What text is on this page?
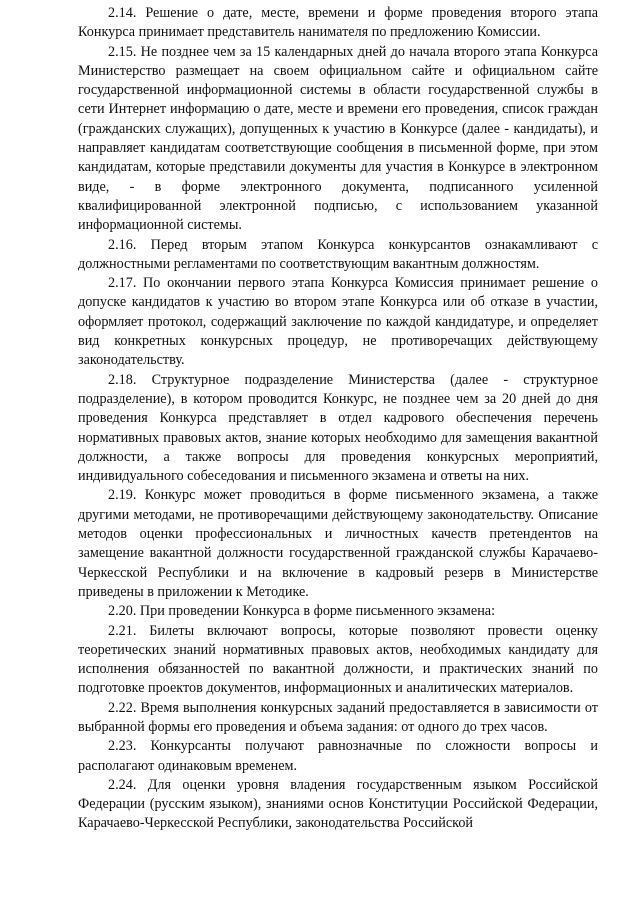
2.14. Решение о дате, месте, времени и форме проведения второго этапа Конкурса принимает представитель нанимателя по предложению Комиссии.

2.15. Не позднее чем за 15 календарных дней до начала второго этапа Конкурса Министерство размещает на своем официальном сайте и официальном сайте государственной информационной системы в области государственной службы в сети Интернет информацию о дате, месте и времени его проведения, список граждан (гражданских служащих), допущенных к участию в Конкурсе (далее - кандидаты), и направляет кандидатам соответствующие сообщения в письменной форме, при этом кандидатам, которые представили документы для участия в Конкурсе в электронном виде, - в форме электронного документа, подписанного усиленной квалифицированной электронной подписью, с использованием указанной информационной системы.

2.16. Перед вторым этапом Конкурса конкурсантов ознакамливают с должностными регламентами по соответствующим вакантным должностям.

2.17. По окончании первого этапа Конкурса Комиссия принимает решение о допуске кандидатов к участию во втором этапе Конкурса или об отказе в участии, оформляет протокол, содержащий заключение по каждой кандидатуре, и определяет вид конкретных конкурсных процедур, не противоречащих действующему законодательству.

2.18. Структурное подразделение Министерства (далее - структурное подразделение), в котором проводится Конкурс, не позднее чем за 20 дней до дня проведения Конкурса представляет в отдел кадрового обеспечения перечень нормативных правовых актов, знание которых необходимо для замещения вакантной должности, а также вопросы для проведения конкурсных мероприятий, индивидуального собеседования и письменного экзамена и ответы на них.

2.19. Конкурс может проводиться в форме письменного экзамена, а также другими методами, не противоречащими действующему законодательству. Описание методов оценки профессиональных и личностных качеств претендентов на замещение вакантной должности государственной гражданской службы Карачаево-Черкесской Республики и на включение в кадровый резерв в Министерстве приведены в приложении к Методике.

2.20. При проведении Конкурса в форме письменного экзамена:

2.21. Билеты включают вопросы, которые позволяют провести оценку теоретических знаний нормативных правовых актов, необходимых кандидату для исполнения обязанностей по вакантной должности, и практических знаний по подготовке проектов документов, информационных и аналитических материалов.

2.22. Время выполнения конкурсных заданий предоставляется в зависимости от выбранной формы его проведения и объема задания: от одного до трех часов.

2.23. Конкурсанты получают равнозначные по сложности вопросы и располагают одинаковым временем.

2.24. Для оценки уровня владения государственным языком Российской Федерации (русским языком), знаниями основ Конституции Российской Федерации, Карачаево-Черкесской Республики, законодательства Российской
